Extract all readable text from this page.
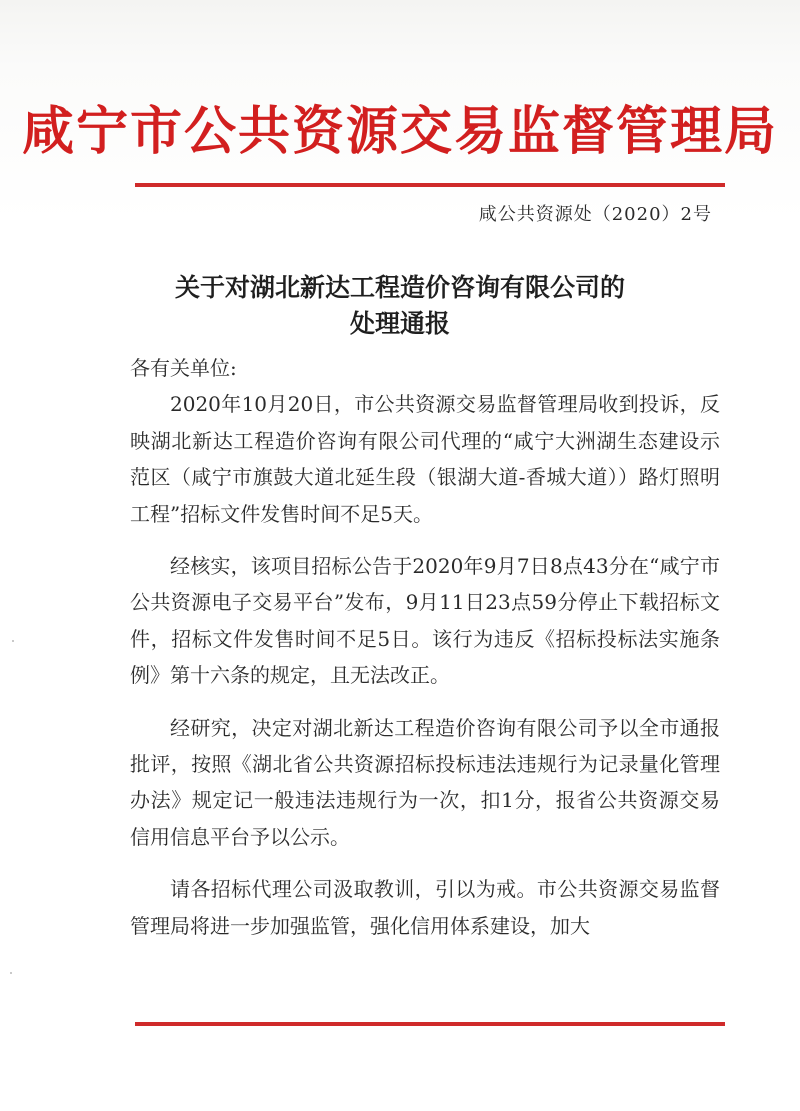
咸宁市公共资源交易监督管理局
咸公共资源处（2020）2号
关于对湖北新达工程造价咨询有限公司的
处理通报

各有关单位:

2020年10月20日，市公共资源交易监督管理局收到投诉，反映湖北新达工程造价咨询有限公司代理的“咸宁大洲湖生态建设示范区（咸宁市旗鼓大道北延生段（银湖大道-香城大道））路灯照明工程”招标文件发售时间不足5天。

经核实，该项目招标公告于2020年9月7日8点43分在“咸宁市公共资源电子交易平台”发布，9月11日23点59分停止下载招标文件，招标文件发售时间不足5日。该行为违反《招标投标法实施条例》第十六条的规定，且无法改正。

经研究，决定对湖北新达工程造价咨询有限公司予以全市通报批评，按照《湖北省公共资源招标投标违法违规行为记录量化管理办法》规定记一般违法违规行为一次，扣1分，报省公共资源交易信用信息平台予以公示。

请各招标代理公司汲取教训，引以为戒。市公共资源交易监督管理局将进一步加强监管，强化信用体系建设，加大
